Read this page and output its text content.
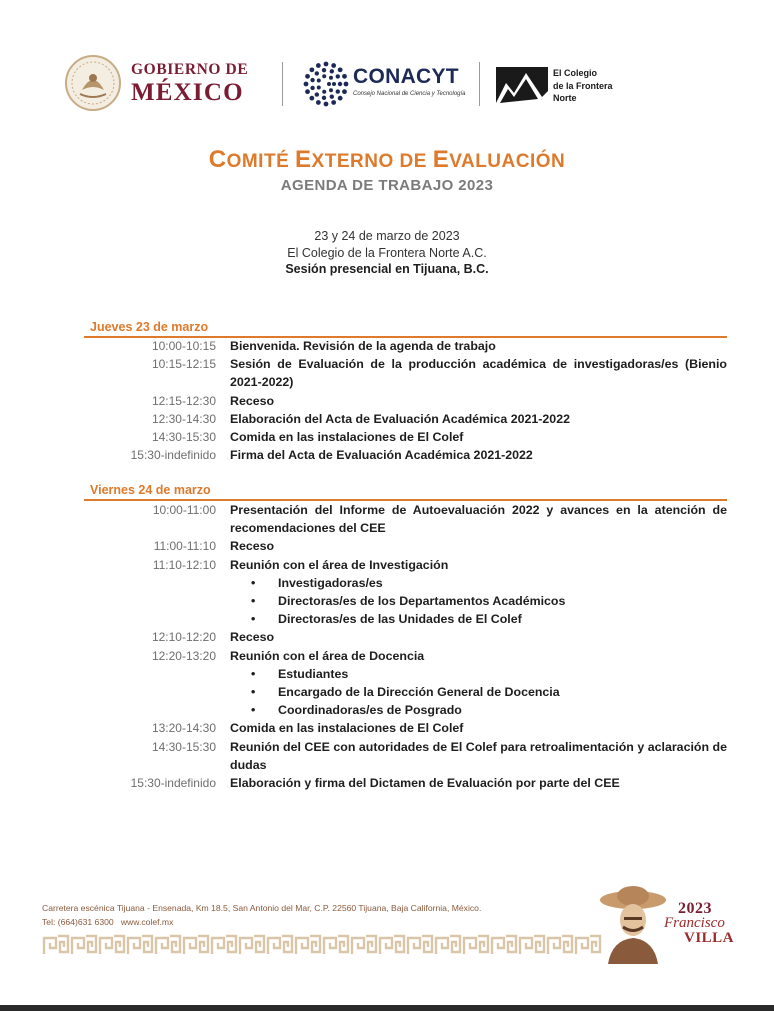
GOBIERNO DE
MÉXICO
CONACYT
Consejo Nacional de Ciencia y Tecnología
El Colegio
de la Frontera
Norte
COMITÉ EXTERNO DE EVALUACIÓN
AGENDA DE TRABAJO 2023
23 y 24 de marzo de 2023
El Colegio de la Frontera Norte A.C.
Sesión presencial en Tijuana, B.C.
Jueves 23 de marzo
10:00-10:15 Bienvenida. Revisión de la agenda de trabajo
10:15-12:15 Sesión de Evaluación de la producción académica de investigadoras/es (Bienio 2021-2022)
12:15-12:30 Receso
12:30-14:30 Elaboración del Acta de Evaluación Académica 2021-2022
14:30-15:30 Comida en las instalaciones de El Colef
15:30-indefinido Firma del Acta de Evaluación Académica 2021-2022
Viernes 24 de marzo
10:00-11:00 Presentación del Informe de Autoevaluación 2022 y avances en la atención de recomendaciones del CEE
11:00-11:10 Receso
11:10-12:10 Reunión con el área de Investigación
• Investigadoras/es
• Directoras/es de los Departamentos Académicos
• Directoras/es de las Unidades de El Colef
12:10-12:20 Receso
12:20-13:20 Reunión con el área de Docencia
• Estudiantes
• Encargado de la Dirección General de Docencia
• Coordinadoras/es de Posgrado
13:20-14:30 Comida en las instalaciones de El Colef
14:30-15:30 Reunión del CEE con autoridades de El Colef para retroalimentación y aclaración de dudas
15:30-indefinido Elaboración y firma del Dictamen de Evaluación por parte del CEE
Carretera escénica Tijuana - Ensenada, Km 18.5, San Antonio del Mar, C.P. 22560 Tijuana, Baja California, México.
Tel: (664)631 6300 www.colef.mx
2023
Francisco
VILLA
